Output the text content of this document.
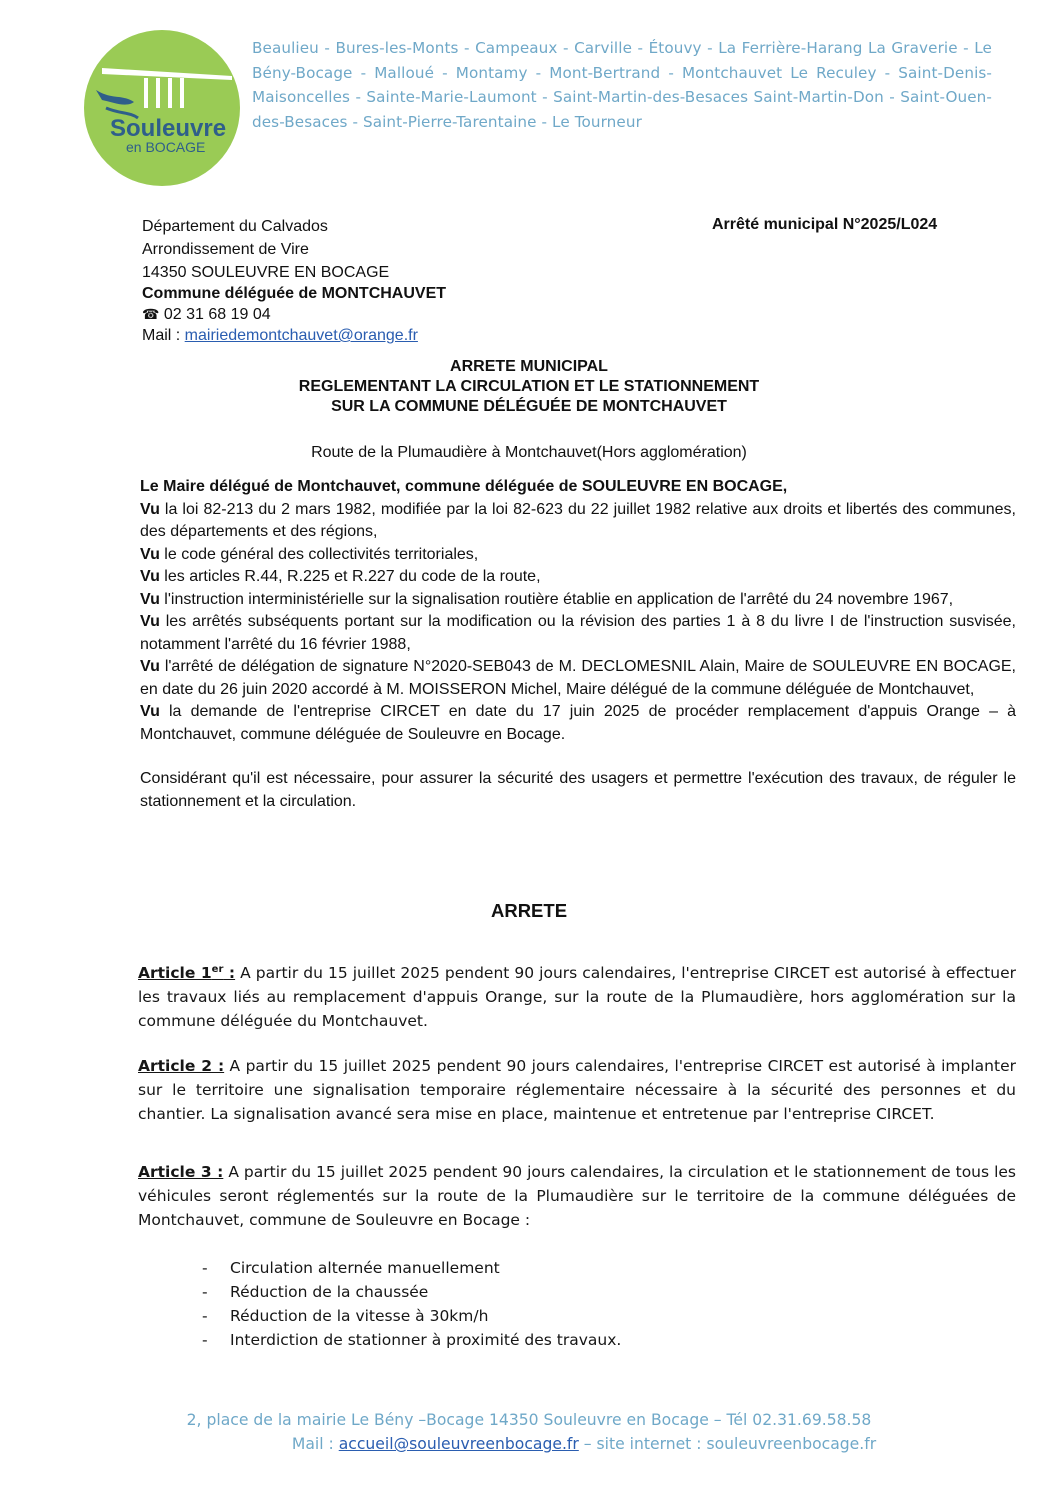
Souleuvre
en BOCAGE
Beaulieu - Bures-les-Monts - Campeaux - Carville - Étouvy - La Ferrière-Harang La Graverie - Le Bény-Bocage - Malloué - Montamy - Mont-Bertrand - Montchauvet Le Reculey - Saint-Denis-Maisoncelles - Sainte-Marie-Laumont - Saint-Martin-des-Besaces Saint-Martin-Don - Saint-Ouen-des-Besaces - Saint-Pierre-Tarentaine - Le Tourneur
Département du Calvados
Arrondissement de Vire
14350 SOULEUVRE EN BOCAGE
Commune déléguée de MONTCHAUVET
☎ 02 31 68 19 04
Mail : mairiedemontchauvet@orange.fr
Arrêté municipal N°2025/L024
ARRETE MUNICIPAL
REGLEMENTANT LA CIRCULATION ET LE STATIONNEMENT
SUR LA COMMUNE DÉLÉGUÉE DE MONTCHAUVET
Route de la Plumaudière à Montchauvet(Hors agglomération)

Le Maire délégué de Montchauvet, commune déléguée de SOULEUVRE EN BOCAGE,

Vu la loi 82-213 du 2 mars 1982, modifiée par la loi 82-623 du 22 juillet 1982 relative aux droits et libertés des communes, des départements et des régions,

Vu le code général des collectivités territoriales,

Vu les articles R.44, R.225 et R.227 du code de la route,

Vu l'instruction interministérielle sur la signalisation routière établie en application de l'arrêté du 24 novembre 1967,

Vu les arrêtés subséquents portant sur la modification ou la révision des parties 1 à 8 du livre I de l'instruction susvisée, notamment l'arrêté du 16 février 1988,

Vu l'arrêté de délégation de signature N°2020-SEB043 de M. DECLOMESNIL Alain, Maire de SOULEUVRE EN BOCAGE, en date du 26 juin 2020 accordé à M. MOISSERON Michel, Maire délégué de la commune déléguée de Montchauvet,

Vu la demande de l'entreprise CIRCET en date du 17 juin 2025 de procéder remplacement d'appuis Orange – à Montchauvet, commune déléguée de Souleuvre en Bocage.

Considérant qu'il est nécessaire, pour assurer la sécurité des usagers et permettre l'exécution des travaux, de réguler le stationnement et la circulation.

ARRETE

Article 1er : A partir du 15 juillet 2025 pendent 90 jours calendaires, l'entreprise CIRCET est autorisé à effectuer les travaux liés au remplacement d'appuis Orange, sur la route de la Plumaudière, hors agglomération sur la commune déléguée du Montchauvet.

Article 2 : A partir du 15 juillet 2025 pendent 90 jours calendaires, l'entreprise CIRCET est autorisé à implanter sur le territoire une signalisation temporaire réglementaire nécessaire à la sécurité des personnes et du chantier. La signalisation avancé sera mise en place, maintenue et entretenue par l'entreprise CIRCET.

Article 3 : A partir du 15 juillet 2025 pendent 90 jours calendaires, la circulation et le stationnement de tous les véhicules seront réglementés sur la route de la Plumaudière sur le territoire de la commune déléguées de Montchauvet, commune de Souleuvre en Bocage :

- Circulation alternée manuellement
- Réduction de la chaussée
- Réduction de la vitesse à 30km/h
- Interdiction de stationner à proximité des travaux.
2, place de la mairie Le Bény –Bocage 14350 Souleuvre en Bocage – Tél 02.31.69.58.58
Mail : accueil@souleuvreenbocage.fr – site internet : souleuvreenbocage.fr
